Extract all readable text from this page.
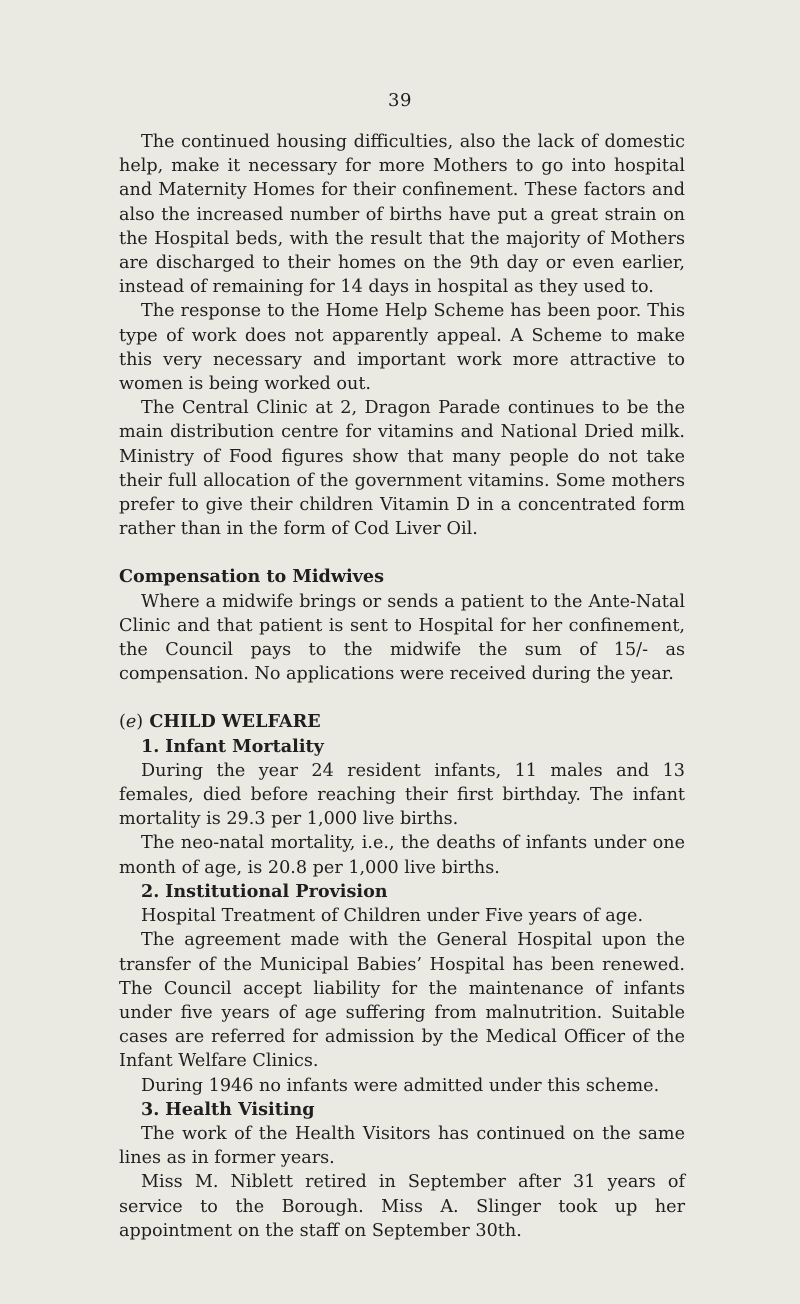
39

The continued housing difficulties, also the lack of domestic help, make it necessary for more Mothers to go into hospital and Maternity Homes for their confinement. These factors and also the increased number of births have put a great strain on the Hospital beds, with the result that the majority of Mothers are discharged to their homes on the 9th day or even earlier, instead of remaining for 14 days in hospital as they used to.

The response to the Home Help Scheme has been poor. This type of work does not apparently appeal. A Scheme to make this very necessary and important work more attractive to women is being worked out.

The Central Clinic at 2, Dragon Parade continues to be the main distribution centre for vitamins and National Dried milk. Ministry of Food figures show that many people do not take their full allocation of the government vitamins. Some mothers prefer to give their children Vitamin D in a concentrated form rather than in the form of Cod Liver Oil.

Compensation to Midwives

Where a midwife brings or sends a patient to the Ante-Natal Clinic and that patient is sent to Hospital for her confinement, the Council pays to the midwife the sum of 15/- as compensation. No applications were received during the year.

(e) CHILD WELFARE

1. Infant Mortality

During the year 24 resident infants, 11 males and 13 females, died before reaching their first birthday. The infant mortality is 29.3 per 1,000 live births.

The neo-natal mortality, i.e., the deaths of infants under one month of age, is 20.8 per 1,000 live births.

2. Institutional Provision

Hospital Treatment of Children under Five years of age.

The agreement made with the General Hospital upon the transfer of the Municipal Babies’ Hospital has been renewed. The Council accept liability for the maintenance of infants under five years of age suffering from malnutrition. Suitable cases are referred for admission by the Medical Officer of the Infant Welfare Clinics.

During 1946 no infants were admitted under this scheme.

3. Health Visiting

The work of the Health Visitors has continued on the same lines as in former years.

Miss M. Niblett retired in September after 31 years of service to the Borough. Miss A. Slinger took up her appointment on the staff on September 30th.
